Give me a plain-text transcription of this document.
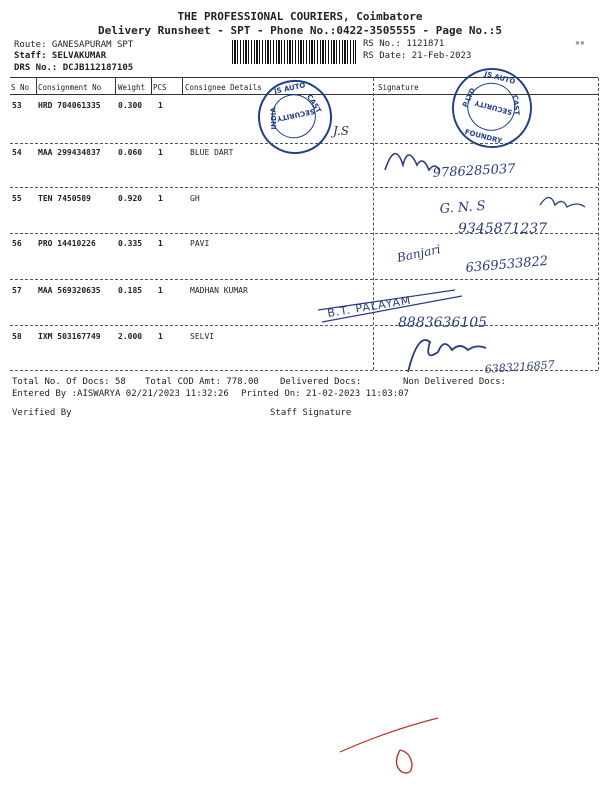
THE PROFESSIONAL COURIERS, Coimbatore
Delivery Runsheet - SPT - Phone No.:0422-3505555 - Page No.:5
Route: GANESAPURAM SPT
Staff: SELVAKUMAR
DRS No.: DCJB112187105
▪▪
RS No.: 1121871
RS Date: 21-Feb-2023
S No Consignment No Weight PCS Consignee Details	Signature
53 HRD 704061335 0.300 1
54 MAA 299434837 0.060 1	BLUE DART
55 TEN 7450589	0.920 1	GH
56 PRO 14410226	0.335 1	PAVI
57 MAA 569320635 0.185 1	MADHAN KUMAR
58 IXM 503167749 2.000 1	SELVI
JS AUTO
INDIA
CAST
SECURITY
JS AUTO
CAST
FOUNDRY
P.LTD
SECURITY
J.S
9786285037
G. N. S
9345871237
Banjari 6369533822
B.T. PALAYAM
8883636105
6383216857
Total No. Of Docs: 58 Total COD Amt: 778.00 Delivered Docs:	Non Delivered Docs:
Entered By :AISWARYA 02/21/2023 11:32:26 Printed On: 21-02-2023 11:03:07
Verified By	Staff Signature
